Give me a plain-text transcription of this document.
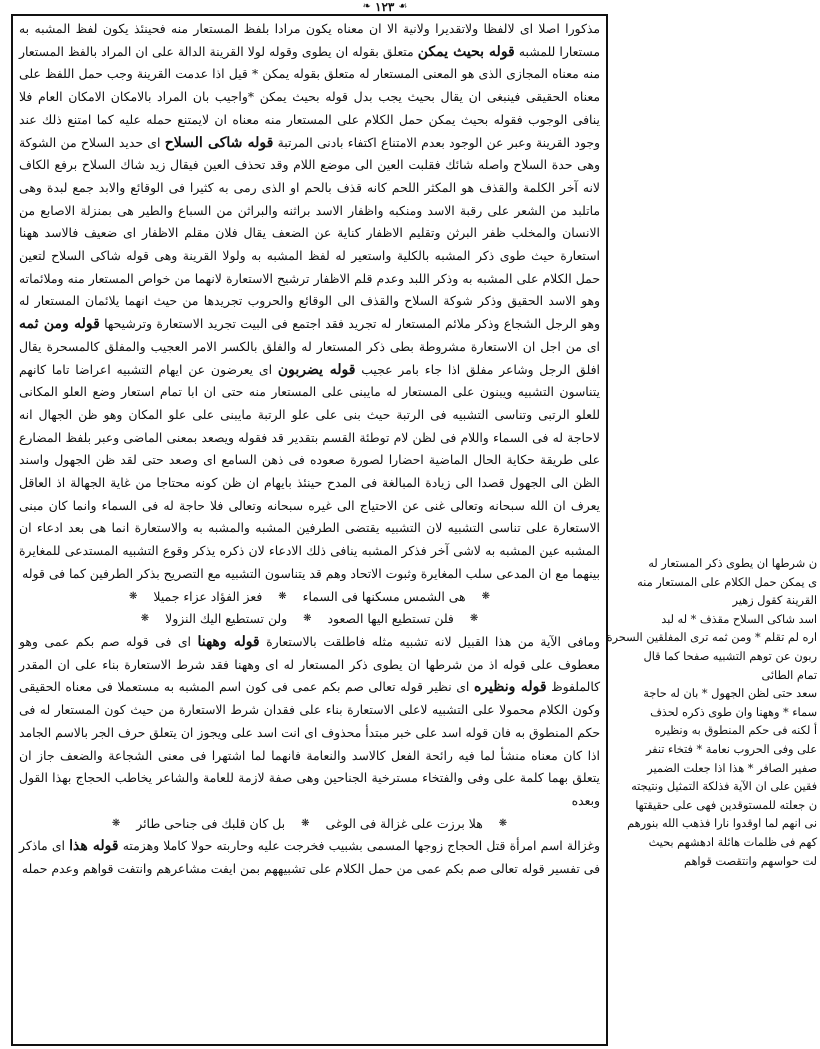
❧ ١٢٣ ☙

مذكورا اصلا اى لالفظا ولاتقديرا ولانية الا ان معناه يكون مرادا بلفظ المستعار منه فحينئذ يكون لفظ المشبه به مستعارا للمشبه قوله بحيث يمكن متعلق بقوله ان يطوى وقوله لولا القرينة الدالة على ان المراد بالفظ المستعار منه معناه المجازى الذى هو المعنى المستعار له متعلق بقوله يمكن * قيل اذا عدمت القرينة وجب حمل اللفظ على معناه الحقيقى فينبغى ان يقال بحيث يجب بدل قوله بحيث يمكن *واجيب بان المراد بالامكان الامكان العام فلا ينافى الوجوب فقوله بحيث يمكن حمل الكلام على المستعار منه معناه ان لايمتنع حمله عليه كما امتنع ذلك عند وجود القرينة وعبر عن الوجود بعدم الامتناع اكتفاء بادنى المرتبة قوله شاكى السلاح اى حديد السلاح من الشوكة وهى حدة السلاح واصله شائك فقلبت العين الى موضع اللام وقد تحذف العين فيقال زيد شاك السلاح برفع الكاف لانه آخر الكلمة والقذف هو المكثر اللحم كانه قذف بالحم او الذى رمى به كثيرا فى الوقائع والابد جمع لبدة وهى ماتلبد من الشعر على رقبة الاسد ومنكبه واظفار الاسد براثنه والبراثن من السباع والطير هى بمنزلة الاصابع من الانسان والمخلب ظفر البرثن وتقليم الاظفار كناية عن الضعف يقال فلان مقلم الاظفار اى ضعيف فالاسد ههنا استعارة حيث طوى ذكر المشبه بالكلية واستعير له لفظ المشبه به ولولا القرينة وهى قوله شاكى السلاح لتعين حمل الكلام على المشبه به وذكر اللبد وعدم قلم الاظفار ترشيح الاستعارة لانهما من خواص المستعار منه وملائماته وهو الاسد الحقيق وذكر شوكة السلاح والقذف الى الوقائع والحروب تجريدها من حيث انهما يلائمان المستعار له وهو الرجل الشجاع وذكر ملائم المستعار له تجريد فقد اجتمع فى البيت تجريد الاستعارة وترشيحها قوله ومن ثمه اى من اجل ان الاستعارة مشروطة بطى ذكر المستعار له والفلق بالكسر الامر العجيب والمفلق كالمسحرة يقال افلق الرجل وشاعر مفلق اذا جاء بامر عجيب قوله يضربون اى يعرضون عن ايهام التشبيه اعراضا تاما كانهم يتناسون التشبيه ويبنون على المستعار له مايبنى على المستعار منه حتى ان ابا تمام استعار وضع العلو المكانى للعلو الرتبى وتناسى التشبيه فى الرتبة حيث بنى على علو الرتبة مايبنى على علو المكان وهو ظن الجهال انه لاحاجة له فى السماء واللام فى لظن لام توطئة القسم بتقدير قد فقوله ويصعد بمعنى الماضى وعبر بلفظ المضارع على طريقة حكاية الحال الماضية احضارا لصورة صعوده فى ذهن السامع اى وصعد حتى لقد ظن الجهول واسند الظن الى الجهول قصدا الى زيادة المبالغة فى المدح حينئذ بايهام ان ظن كونه محتاجا من غاية الجهالة اذ العاقل يعرف ان الله سبحانه وتعالى غنى عن الاحتياج الى غيره سبحانه وتعالى فلا حاجة له فى السماء وانما كان مبنى الاستعارة على تناسى التشبيه لان التشبيه يقتضى الطرفين المشبه والمشبه به والاستعارة انما هى بعد ادعاء ان المشبه عين المشبه به لاشى آخر فذكر المشبه ينافى ذلك الادعاء لان ذكره يذكر وقوع التشبيه المستدعى للمغايرة بينهما مع ان المدعى سلب المغايرة وثبوت الاتحاد وهم قد يتناسون التشبيه مع التصريح بذكر الطرفين كما فى قوله

❋
هى الشمس مسكنها فى السماء
❋
فعز الفؤاد عزاء جميلا
❋
❋
فلن تستطيع اليها الصعود
❋
ولن تستطيع اليك النزولا
❋

ومافى الآية من هذا القبيل لانه تشبيه مثله فاطلقت بالاستعارة قوله وههنا اى فى قوله صم بكم عمى وهو معطوف على قوله اذ من شرطها ان يطوى ذكر المستعار له اى وههنا فقد شرط الاستعارة بناء على ان المقدر كالملفوظ قوله ونظيره اى نظير قوله تعالى صم بكم عمى فى كون اسم المشبه به مستعملا فى معناه الحقيقى وكون الكلام محمولا على التشبيه لاعلى الاستعارة بناء على فقدان شرط الاستعارة من حيث كون المستعار له فى حكم المنطوق به فان قوله اسد على خبر مبتدأ محذوف اى انت اسد على ويجوز ان يتعلق حرف الجر بالاسم الجامد اذا كان معناه منشأ لما فيه رائحة الفعل كالاسد والنعامة فانهما لما اشتهرا فى معنى الشجاعة والضعف جاز ان يتعلق بهما كلمة على وفى والفتخاء مسترخية الجناحين وهى صفة لازمة للعامة والشاعر يخاطب الحجاج بهذا القول وبعده

❋
هلا برزت على غزالة فى الوغى
❋
بل كان قلبك فى جناحى طائر
❋

وغزالة اسم امرأة قتل الحجاج زوجها المسمى بشبيب فخرجت عليه وحاربته حولا كاملا وهزمته قوله هذا اى ماذكر فى تفسير قوله تعالى صم بكم عمى من حمل الكلام على تشبيههم بمن ايفت مشاعرهم وانتفت قواهم وعدم حمله

ن شرطها ان يطوى ذكر المستعار له

ى يمكن حمل الكلام على المستعار منه

القرينة كقول زهير

اسد شاكى السلاح مقذف * له لبد

اره لم تقلم * ومن ثمه ترى المفلقين السحرة

ربون عن توهم التشبيه صفحا كما قال

تمام الطائى

سعد حتى لظن الجهول * بان له حاجة

سماء * وههنا وان طوى ذكره لحذف

أ لكنه فى حكم المنطوق به ونظيره

على وفى الحروب نعامة * فتخاء تنفر

صفير الصافر * هذا اذا جعلت الضمير

فقين على ان الآية فذلكة التمثيل ونتيجته

ن جعلته للمستوقدين فهى على حقيقتها

نى انهم لما اوقدوا نارا فذهب الله بنورهم

كهم فى ظلمات هائلة ادهشهم بحيث

لت حواسهم وانتقصت قواهم
